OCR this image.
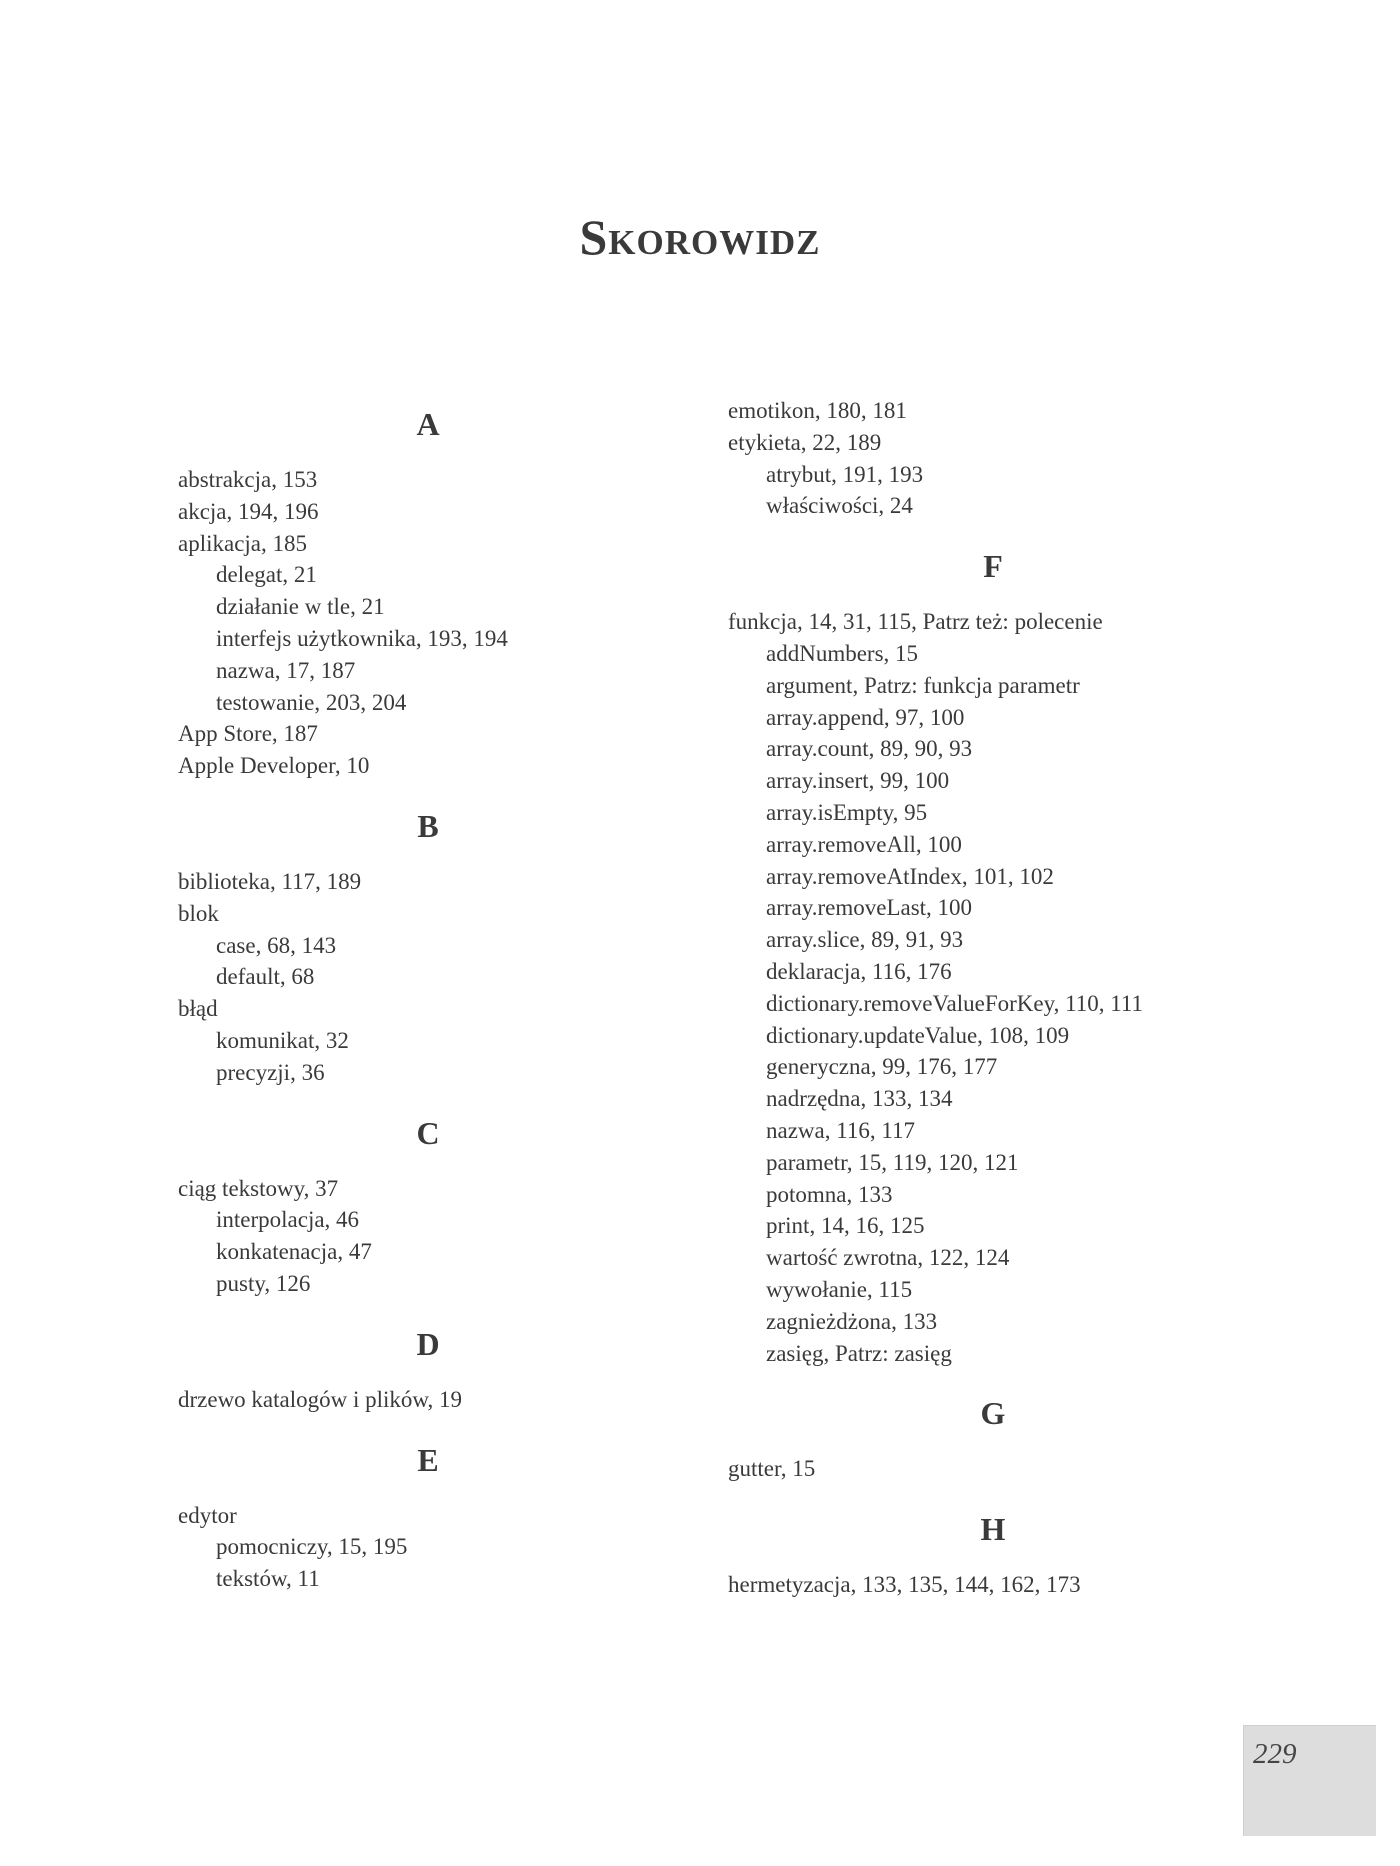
Skorowidz
A
abstrakcja, 153
akcja, 194, 196
aplikacja, 185
delegat, 21
działanie w tle, 21
interfejs użytkownika, 193, 194
nazwa, 17, 187
testowanie, 203, 204
App Store, 187
Apple Developer, 10
B
biblioteka, 117, 189
blok
case, 68, 143
default, 68
błąd
komunikat, 32
precyzji, 36
C
ciąg tekstowy, 37
interpolacja, 46
konkatenacja, 47
pusty, 126
D
drzewo katalogów i plików, 19
E
edytor
pomocniczy, 15, 195
tekstów, 11
emotikon, 180, 181
etykieta, 22, 189
atrybut, 191, 193
właściwości, 24
F
funkcja, 14, 31, 115, Patrz też: polecenie
addNumbers, 15
argument, Patrz: funkcja parametr
array.append, 97, 100
array.count, 89, 90, 93
array.insert, 99, 100
array.isEmpty, 95
array.removeAll, 100
array.removeAtIndex, 101, 102
array.removeLast, 100
array.slice, 89, 91, 93
deklaracja, 116, 176
dictionary.removeValueForKey, 110, 111
dictionary.updateValue, 108, 109
generyczna, 99, 176, 177
nadrzędna, 133, 134
nazwa, 116, 117
parametr, 15, 119, 120, 121
potomna, 133
print, 14, 16, 125
wartość zwrotna, 122, 124
wywołanie, 115
zagnieżdżona, 133
zasięg, Patrz: zasięg
G
gutter, 15
H
hermetyzacja, 133, 135, 144, 162, 173
229
